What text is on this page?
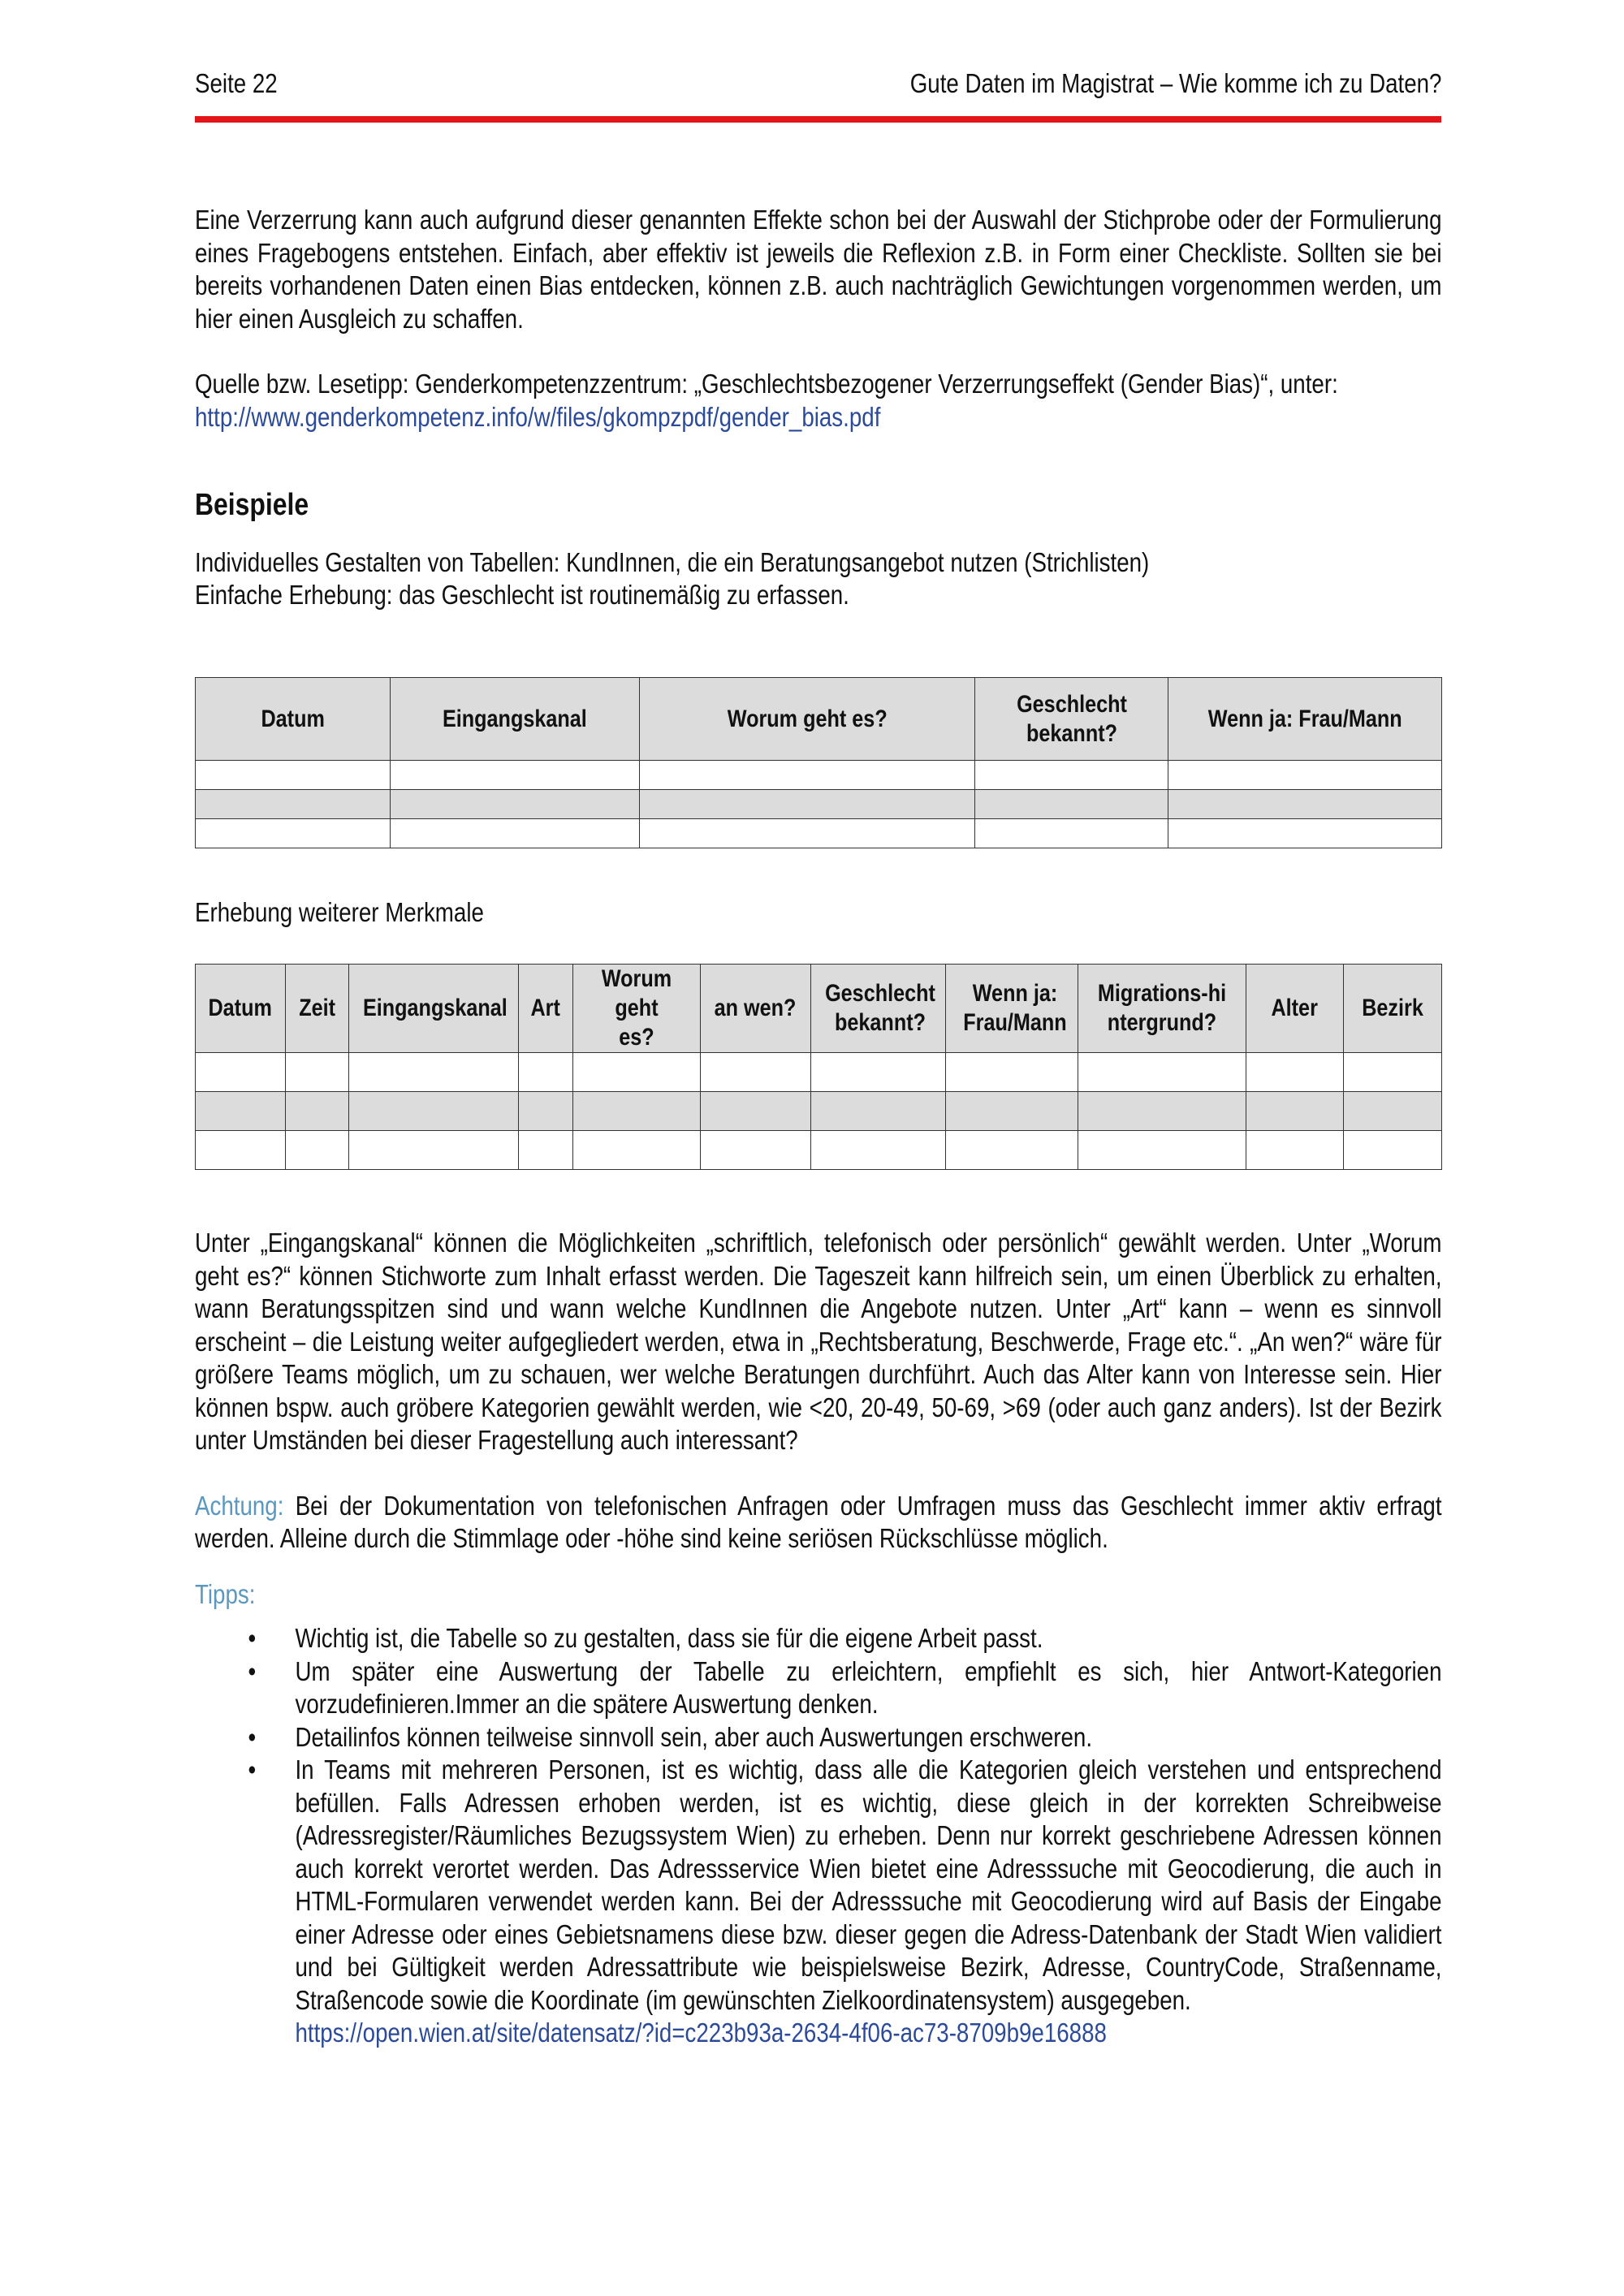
Seite 22	Gute Daten im Magistrat – Wie komme ich zu Daten?

Eine Verzerrung kann auch aufgrund dieser genannten Effekte schon bei der Auswahl der Stichprobe oder der Formulierung eines Fragebogens entstehen. Einfach, aber effektiv ist jeweils die Reflexion z.B. in Form einer Checkliste. Sollten sie bei bereits vorhandenen Daten einen Bias entdecken, können z.B. auch nachträglich Gewichtungen vorgenommen werden, um hier einen Ausgleich zu schaffen.

Quelle bzw. Lesetipp: Genderkompetenzzentrum: „Geschlechtsbezogener Verzerrungseffekt (Gender Bias)“, unter:

http://www.genderkompetenz.info/w/files/gkompzpdf/gender_bias.pdf

Beispiele

Individuelles Gestalten von Tabellen: KundInnen, die ein Beratungsangebot nutzen (Strichlisten)

Einfache Erhebung: das Geschlecht ist routinemäßig zu erfassen.

Datum	Eingangskanal	Worum geht es?	Geschlecht bekannt?	Wenn ja: Frau/Mann

Erhebung weiterer Merkmale
Datum	Zeit	Eingangskanal	Art	Worum geht es?	an wen?	Geschlecht bekannt?	Wenn ja: Frau/Mann	Migrations-hintergrund?	Alter	Bezirk

Unter „Eingangskanal“ können die Möglichkeiten „schriftlich, telefonisch oder persönlich“ gewählt werden. Unter „Worum geht es?“ können Stichworte zum Inhalt erfasst werden. Die Tageszeit kann hilfreich sein, um einen Überblick zu erhalten, wann Beratungsspitzen sind und wann welche KundInnen die Angebote nutzen. Unter „Art“ kann – wenn es sinnvoll erscheint – die Leistung weiter aufgegliedert werden, etwa in „Rechtsberatung, Beschwerde, Frage etc.“. „An wen?“ wäre für größere Teams möglich, um zu schauen, wer welche Beratungen durchführt. Auch das Alter kann von Interesse sein. Hier können bspw. auch gröbere Kategorien gewählt werden, wie <20, 20-49, 50-69, >69 (oder auch ganz anders). Ist der Bezirk unter Umständen bei dieser Fragestellung auch interessant?

Achtung: Bei der Dokumentation von telefonischen Anfragen oder Umfragen muss das Geschlecht immer aktiv erfragt werden. Alleine durch die Stimmlage oder -höhe sind keine seriösen Rückschlüsse möglich.

Tipps:

• Wichtig ist, die Tabelle so zu gestalten, dass sie für die eigene Arbeit passt.
• Um später eine Auswertung der Tabelle zu erleichtern, empfiehlt es sich, hier Antwort-Kategorien vorzudefinieren.Immer an die spätere Auswertung denken.
• Detailinfos können teilweise sinnvoll sein, aber auch Auswertungen erschweren.
• In Teams mit mehreren Personen, ist es wichtig, dass alle die Kategorien gleich verstehen und entsprechend befüllen. Falls Adressen erhoben werden, ist es wichtig, diese gleich in der korrekten Schreibweise (Adressregister/Räumliches Bezugssystem Wien) zu erheben. Denn nur korrekt geschriebene Adressen können auch korrekt verortet werden. Das Adressservice Wien bietet eine Adresssuche mit Geocodierung, die auch in HTML-Formularen verwendet werden kann. Bei der Adresssuche mit Geocodierung wird auf Basis der Eingabe einer Adresse oder eines Gebietsnamens diese bzw. dieser gegen die Adress-Datenbank der Stadt Wien validiert und bei Gültigkeit werden Adressattribute wie beispielsweise Bezirk, Adresse, CountryCode, Straßenname, Straßencode sowie die Koordinate (im gewünschten Zielkoordinatensystem) ausgegeben.
https://open.wien.at/site/datensatz/?id=c223b93a-2634-4f06-ac73-8709b9e16888
